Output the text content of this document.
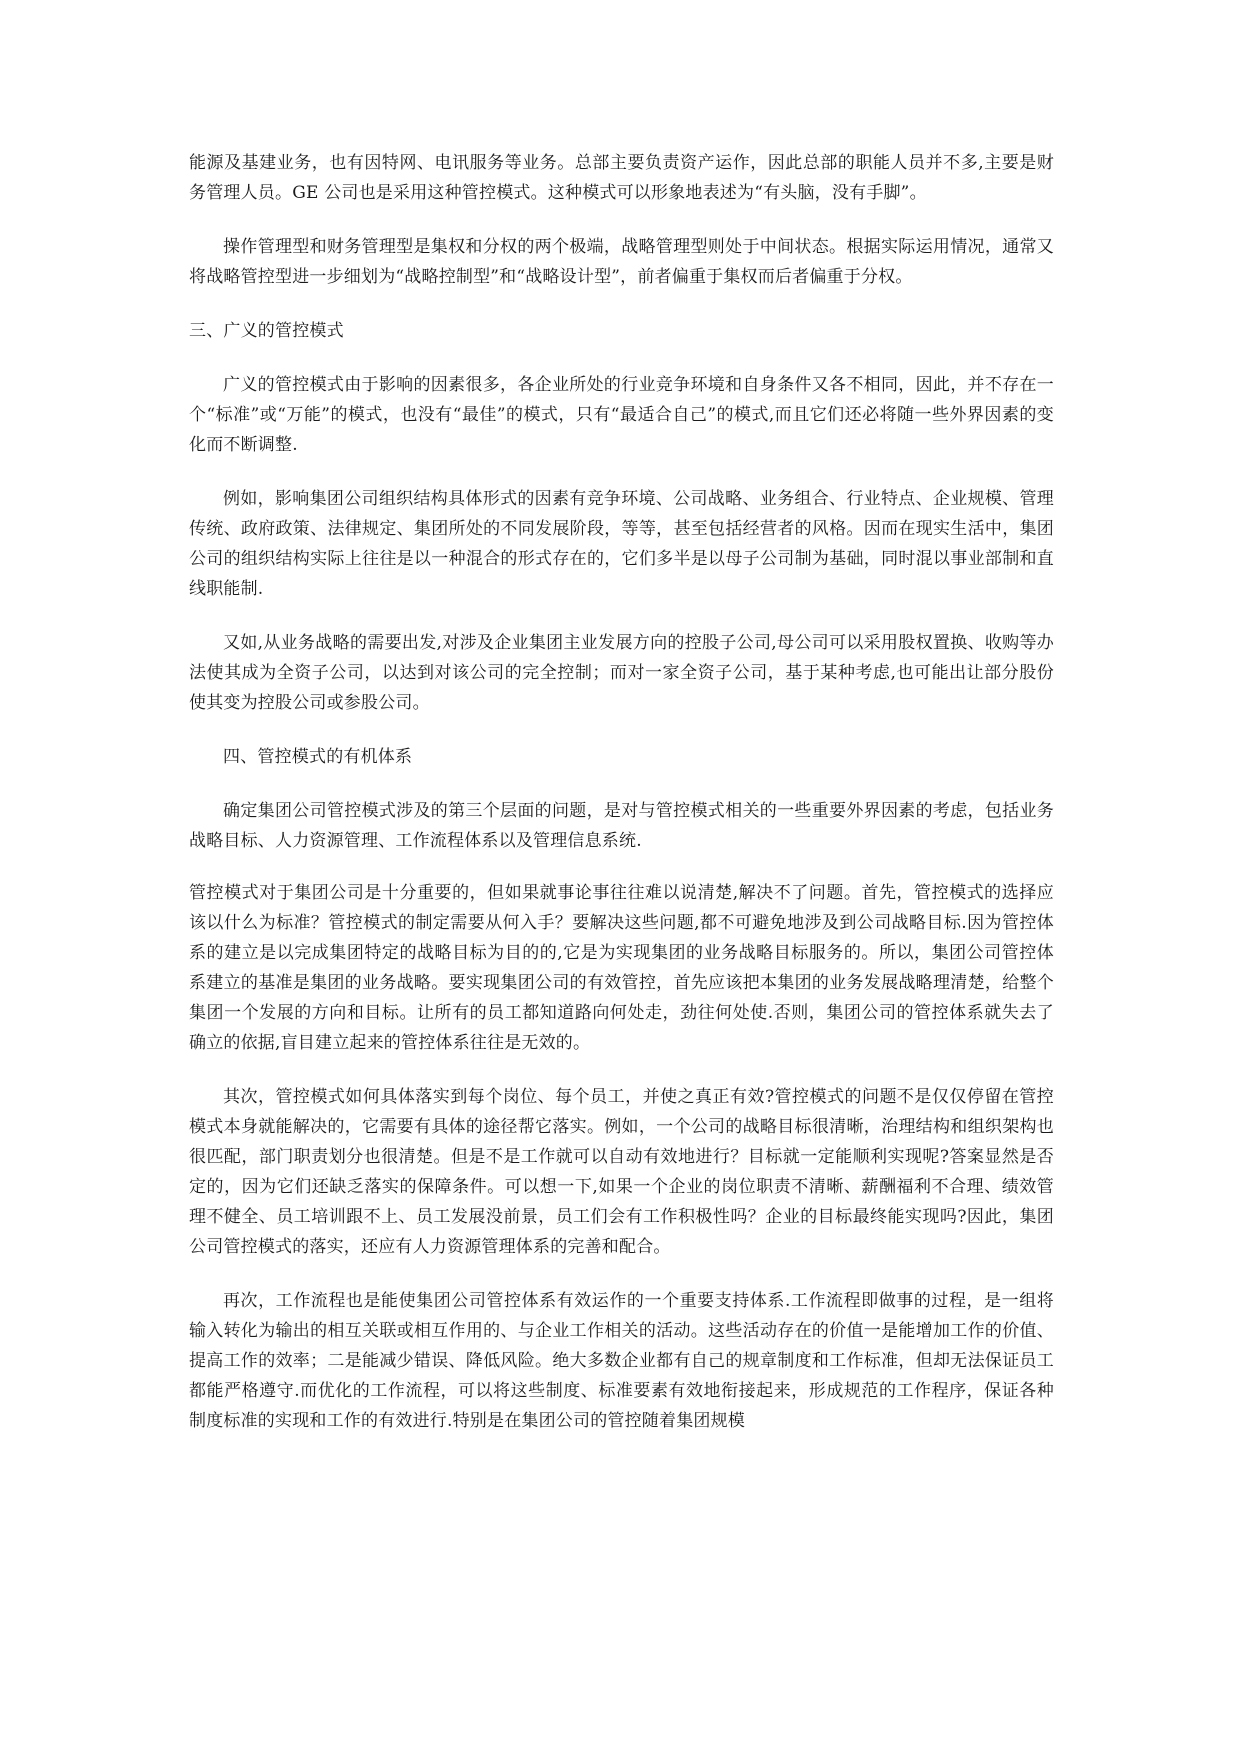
能源及基建业务，也有因特网、电讯服务等业务。总部主要负责资产运作，因此总部的职能人员并不多,主要是财务管理人员。GE 公司也是采用这种管控模式。这种模式可以形象地表述为“有头脑，没有手脚”。

操作管理型和财务管理型是集权和分权的两个极端，战略管理型则处于中间状态。根据实际运用情况，通常又将战略管控型进一步细划为“战略控制型”和“战略设计型”，前者偏重于集权而后者偏重于分权。

三、广义的管控模式

广义的管控模式由于影响的因素很多，各企业所处的行业竞争环境和自身条件又各不相同，因此，并不存在一个“标准”或“万能”的模式，也没有“最佳”的模式，只有“最适合自己”的模式,而且它们还必将随一些外界因素的变化而不断调整.

例如，影响集团公司组织结构具体形式的因素有竞争环境、公司战略、业务组合、行业特点、企业规模、管理传统、政府政策、法律规定、集团所处的不同发展阶段，等等，甚至包括经营者的风格。因而在现实生活中，集团公司的组织结构实际上往往是以一种混合的形式存在的，它们多半是以母子公司制为基础，同时混以事业部制和直线职能制.

又如,从业务战略的需要出发,对涉及企业集团主业发展方向的控股子公司,母公司可以采用股权置换、收购等办法使其成为全资子公司，以达到对该公司的完全控制；而对一家全资子公司，基于某种考虑,也可能出让部分股份使其变为控股公司或参股公司。

四、管控模式的有机体系

确定集团公司管控模式涉及的第三个层面的问题，是对与管控模式相关的一些重要外界因素的考虑，包括业务战略目标、人力资源管理、工作流程体系以及管理信息系统.

管控模式对于集团公司是十分重要的，但如果就事论事往往难以说清楚,解决不了问题。首先，管控模式的选择应该以什么为标准？管控模式的制定需要从何入手？要解决这些问题,都不可避免地涉及到公司战略目标.因为管控体系的建立是以完成集团特定的战略目标为目的的,它是为实现集团的业务战略目标服务的。所以，集团公司管控体系建立的基准是集团的业务战略。要实现集团公司的有效管控，首先应该把本集团的业务发展战略理清楚，给整个集团一个发展的方向和目标。让所有的员工都知道路向何处走，劲往何处使.否则，集团公司的管控体系就失去了确立的依据,盲目建立起来的管控体系往往是无效的。

其次，管控模式如何具体落实到每个岗位、每个员工，并使之真正有效?管控模式的问题不是仅仅停留在管控模式本身就能解决的，它需要有具体的途径帮它落实。例如，一个公司的战略目标很清晰，治理结构和组织架构也很匹配，部门职责划分也很清楚。但是不是工作就可以自动有效地进行？目标就一定能顺利实现呢?答案显然是否定的，因为它们还缺乏落实的保障条件。可以想一下,如果一个企业的岗位职责不清晰、薪酬福利不合理、绩效管理不健全、员工培训跟不上、员工发展没前景，员工们会有工作积极性吗？企业的目标最终能实现吗?因此，集团公司管控模式的落实，还应有人力资源管理体系的完善和配合。

再次，工作流程也是能使集团公司管控体系有效运作的一个重要支持体系.工作流程即做事的过程，是一组将输入转化为输出的相互关联或相互作用的、与企业工作相关的活动。这些活动存在的价值一是能增加工作的价值、提高工作的效率；二是能减少错误、降低风险。绝大多数企业都有自己的规章制度和工作标准，但却无法保证员工都能严格遵守.而优化的工作流程，可以将这些制度、标准要素有效地衔接起来，形成规范的工作程序，保证各种制度标准的实现和工作的有效进行.特别是在集团公司的管控随着集团规模
